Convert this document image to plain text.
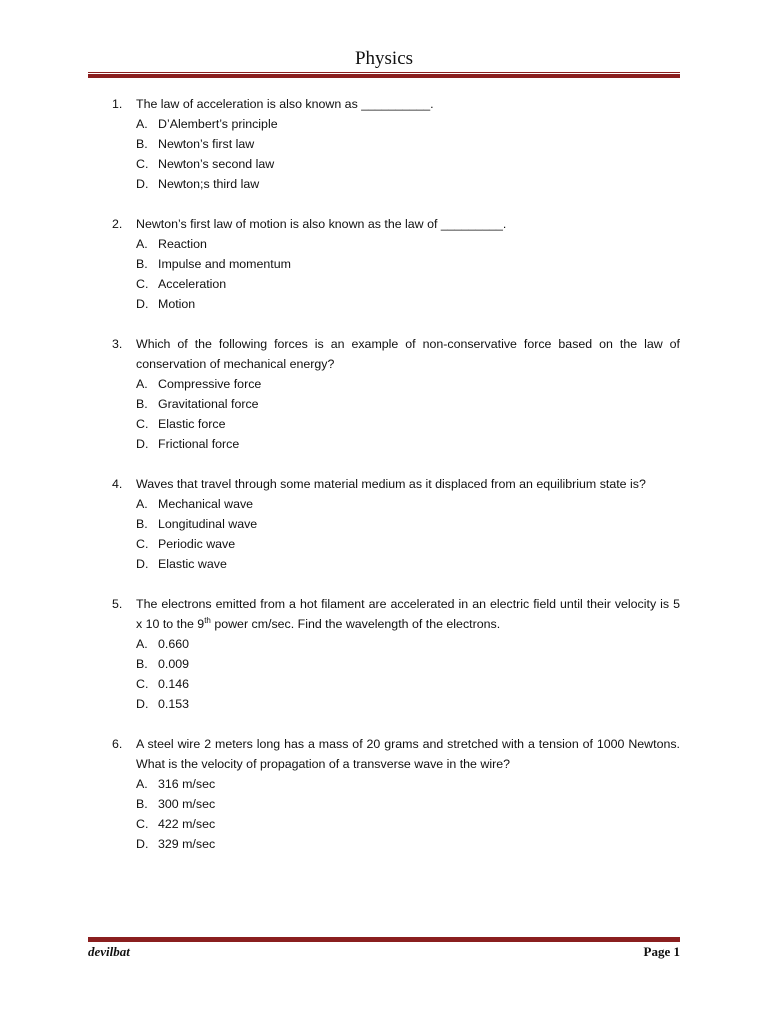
Physics
1.	The law of acceleration is also known as __________.
A. D’Alembert’s principle
B. Newton’s first law
C. Newton’s second law
D. Newton;s third law
2.	Newton’s first law of motion is also known as the law of _________.
A. Reaction
B. Impulse and momentum
C. Acceleration
D. Motion
3.	Which of the following forces is an example of non-conservative force based on the law of conservation of mechanical energy?
A. Compressive force
B. Gravitational force
C. Elastic force
D. Frictional force
4.	Waves that travel through some material medium as it displaced from an equilibrium state is?
A. Mechanical wave
B. Longitudinal wave
C. Periodic wave
D. Elastic wave
5.	The electrons emitted from a hot filament are accelerated in an electric field until their velocity is 5 x 10 to the 9th power cm/sec. Find the wavelength of the electrons.
A. 0.660
B. 0.009
C. 0.146
D. 0.153
6.	A steel wire 2 meters long has a mass of 20 grams and stretched with a tension of 1000 Newtons. What is the velocity of propagation of a transverse wave in the wire?
A. 316 m/sec
B. 300 m/sec
C. 422 m/sec
D. 329 m/sec
devilbat	Page 1
